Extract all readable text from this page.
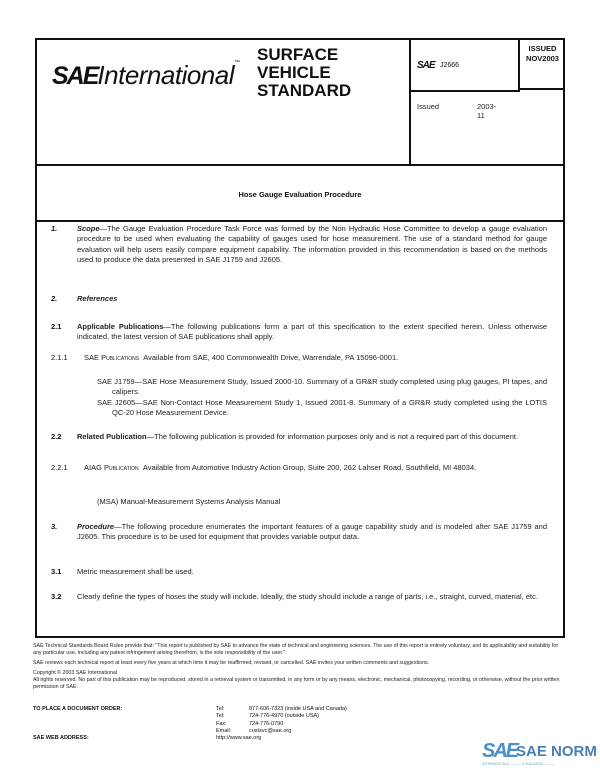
SAEInternational™ SURFACE
VEHICLE
STANDARD
SAE J2666
ISSUED
NOV2003
Issued	2003-11
Hose Gauge Evaluation Procedure
1.	Scope—The Gauge Evaluation Procedure Task Force was formed by the Non Hydraulic Hose Committee to develop a gauge evaluation procedure to be used when evaluating the capability of gauges used for hose measurement. The use of a standard method for gauge evaluation will help users easily compare equipment capability. The information provided in this recommendation is based on the methods used to produce the data presented in SAE J1759 and J2605.
2.	References
2.1 Applicable Publications—The following publications form a part of this specification to the extent specified herein. Unless otherwise indicated, the latest version of SAE publications shall apply.
2.1.1 SAE Publications Available from SAE, 400 Commonwealth Drive, Warrendale, PA 15096-0001.
SAE J1759—SAE Hose Measurement Study, Issued 2000-10. Summary of a GR&R study completed using plug gauges, PI tapes, and calipers.
SAE J2605—SAE Non-Contact Hose Measurement Study 1, Issued 2001-8. Summary of a GR&R study completed using the LOTIS QC-20 Hose Measurement Device.
2.2 Related Publication—The following publication is provided for information purposes only and is not a required part of this document.
2.2.1 AIAG Publication Available from Automotive Industry Action Group, Suite 200, 262 Lahser Road, Southfield, MI 48034.
(MSA) Manual-Measurement Systems Analysis Manual
3.	Procedure—The following procedure enumerates the important features of a gauge capability study and is modeled after SAE J1759 and J2605. This procedure is to be used for equipment that provides variable output data.
3.1 Metric measurement shall be used.
3.2 Clearly define the types of hoses the study will include. Ideally, the study should include a range of parts, i.e., straight, curved, material, etc.

SAE Technical Standards Board Rules provide that: "This report is published by SAE to advance the state of technical and engineering sciences. The use of this report is entirely voluntary, and its applicability and suitability for any particular use, including any patent infringement arising therefrom, is the sole responsibility of the user."

SAE reviews each technical report at least every five years at which time it may be reaffirmed, revised, or cancelled. SAE invites your written comments and suggestions.

Copyright © 2003 SAE International

All rights reserved. No part of this publication may be reproduced, stored in a retrieval system or transmitted, in any form or by any means, electronic, mechanical, photocopying, recording, or otherwise, without the prior written permission of SAE.

TO PLACE A DOCUMENT ORDER:
SAE WEB ADDRESS:
Tel:	877-606-7323 (inside USA and Canada)
Tel:	724-776-4970 (outside USA)
Fax:	724-776-0790
Email:	custsvc@sae.org
http://www.sae.org
SAE
SAE NORM
INTERNATIONAL ——— STANDARDS ———
